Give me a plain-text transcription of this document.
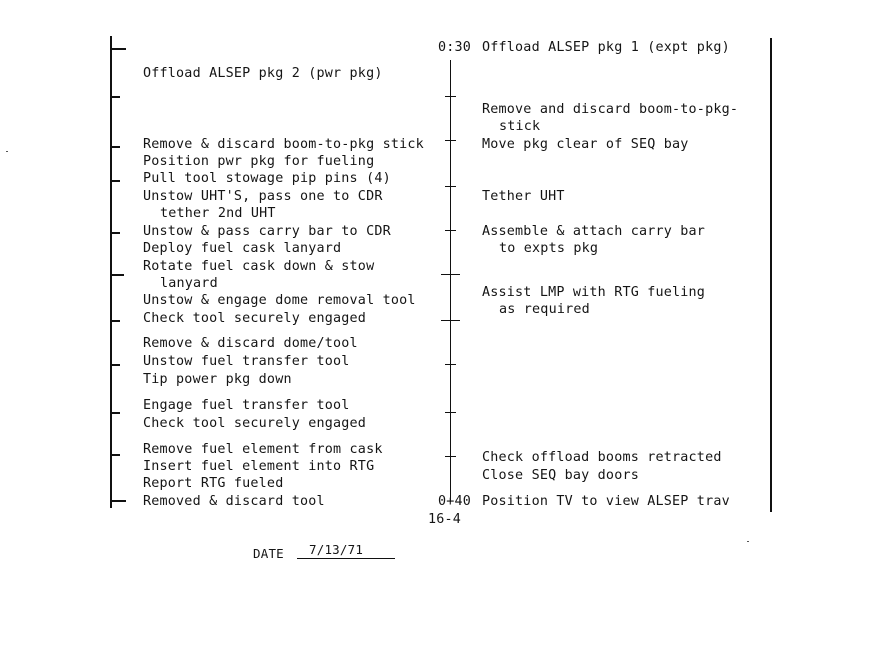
0:30
0+40
Offload ALSEP pkg 2 (pwr pkg)
Remove & discard boom-to-pkg stick
Position pwr pkg for fueling
Pull tool stowage pip pins (4)
Unstow UHT'S, pass one to CDR
tether 2nd UHT
Unstow & pass carry bar to CDR
Deploy fuel cask lanyard
Rotate fuel cask down & stow
lanyard
Unstow & engage dome removal tool
Check tool securely engaged
Remove & discard dome/tool
Unstow fuel transfer tool
Tip power pkg down
Engage fuel transfer tool
Check tool securely engaged
Remove fuel element from cask
Insert fuel element into RTG
Report RTG fueled
Removed & discard tool
Offload ALSEP pkg 1 (expt pkg)
Remove and discard boom-to-pkg-
stick
Move pkg clear of SEQ bay
Tether UHT
Assemble & attach carry bar
to expts pkg
Assist LMP with RTG fueling
as required
Check offload booms retracted
Close SEQ bay doors
Position TV to view ALSEP trav
16-4
DATE 7/13/71
